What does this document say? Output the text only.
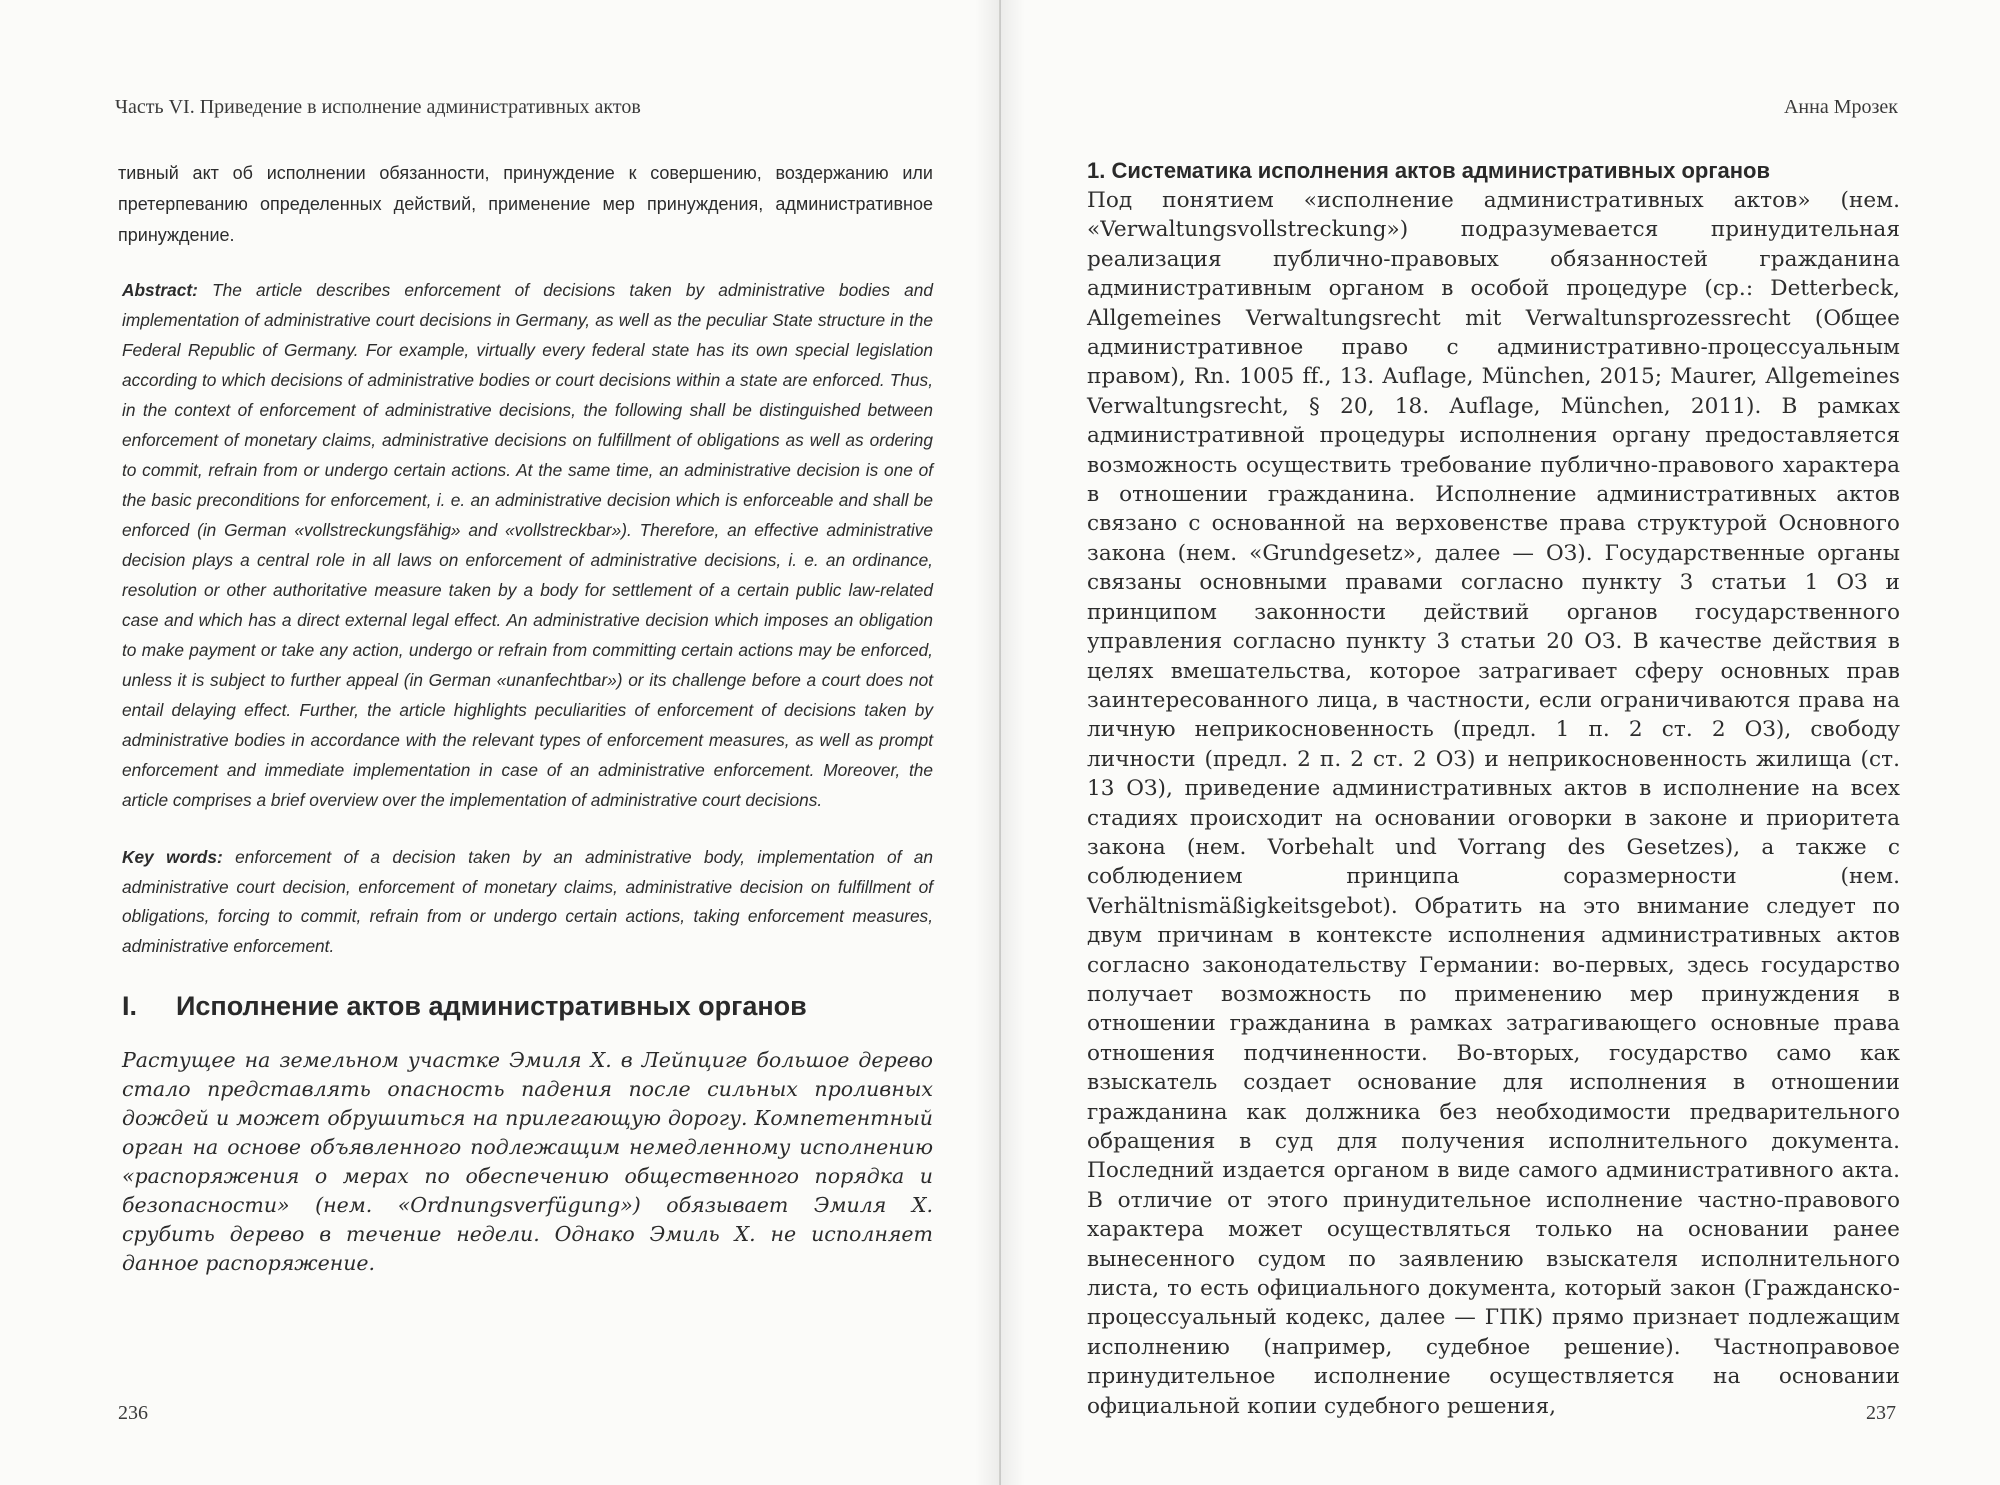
Часть VI. Приведение в исполнение административных актов

тивный акт об исполнении обязанности, принуждение к совершению, воздержанию или претерпеванию определенных действий, применение мер принуждения, административное принуждение.

Abstract: The article describes enforcement of decisions taken by administrative bodies and implementation of administrative court decisions in Germany, as well as the peculiar State structure in the Federal Republic of Germany. For example, virtually every federal state has its own special legislation according to which decisions of administrative bodies or court decisions within a state are enforced. Thus, in the context of enforcement of administrative decisions, the following shall be distinguished between enforcement of monetary claims, administrative decisions on fulfillment of obligations as well as ordering to commit, refrain from or undergo certain actions. At the same time, an administrative decision is one of the basic preconditions for enforcement, i. e. an administrative decision which is enforceable and shall be enforced (in German «vollstreckungsfähig» and «vollstreckbar»). Therefore, an effective administrative decision plays a central role in all laws on enforcement of administrative decisions, i. e. an ordinance, resolution or other authoritative measure taken by a body for settlement of a certain public law-related case and which has a direct external legal effect. An administrative decision which imposes an obligation to make payment or take any action, undergo or refrain from committing certain actions may be enforced, unless it is subject to further appeal (in German «unanfechtbar») or its challenge before a court does not entail delaying effect. Further, the article highlights peculiarities of enforcement of decisions taken by administrative bodies in accordance with the relevant types of enforcement measures, as well as prompt enforcement and immediate implementation in case of an administrative enforcement. Moreover, the article comprises a brief overview over the implementation of administrative court decisions.

Key words: enforcement of a decision taken by an administrative body, implementation of an administrative court decision, enforcement of monetary claims, administrative decision on fulfillment of obligations, forcing to commit, refrain from or undergo certain actions, taking enforcement measures, administrative enforcement.

I.	Исполнение актов административных органов

Растущее на земельном участке Эмиля Х. в Лейпциге большое дерево стало представлять опасность падения после сильных проливных дождей и может обрушиться на прилегающую дорогу. Компетентный орган на основе объявленного подлежащим немедленному исполнению «распоряжения о мерах по обеспечению общественного порядка и безопасности» (нем. «Ordnungsverfügung») обязывает Эмиля Х. срубить дерево в течение недели. Однако Эмиль Х. не исполняет данное распоряжение.

236
Анна Мрозек
1. Систематика исполнения актов административных органов

Под понятием «исполнение административных актов» (нем. «Verwaltungsvollstreckung») подразумевается принудительная реализация публично-правовых обязанностей гражданина административным органом в особой процедуре (ср.: Detterbeck, Allgemeines Verwaltungsrecht mit Verwaltunsprozessrecht (Общее административное право с административно-процессуальным правом), Rn. 1005 ff., 13. Auflage, München, 2015; Maurer, Allgemeines Verwaltungsrecht, § 20, 18. Auflage, München, 2011). В рамках административной процедуры исполнения органу предоставляется возможность осуществить требование публично-правового характера в отношении гражданина. Исполнение административных актов связано с основанной на верховенстве права структурой Основного закона (нем. «Grundgesetz», далее — ОЗ). Государственные органы связаны основными правами согласно пункту 3 статьи 1 ОЗ и принципом законности действий органов государственного управления согласно пункту 3 статьи 20 ОЗ. В качестве действия в целях вмешательства, которое затрагивает сферу основных прав заинтересованного лица, в частности, если ограничиваются права на личную неприкосновенность (предл. 1 п. 2 ст. 2 ОЗ), свободу личности (предл. 2 п. 2 ст. 2 ОЗ) и неприкосновенность жилища (ст. 13 ОЗ), приведение административных актов в исполнение на всех стадиях происходит на основании оговорки в законе и приоритета закона (нем. Vorbehalt und Vorrang des Gesetzes), а также с соблюдением принципа соразмерности (нем. Verhältnismäßigkeitsgebot). Обратить на это внимание следует по двум причинам в контексте исполнения административных актов согласно законодательству Германии: во-первых, здесь государство получает возможность по применению мер принуждения в отношении гражданина в рамках затрагивающего основные права отношения подчиненности. Во-вторых, государство само как взыскатель создает основание для исполнения в отношении гражданина как должника без необходимости предварительного обращения в суд для получения исполнительного документа. Последний издается органом в виде самого административного акта. В отличие от этого принудительное исполнение частно-правового характера может осуществляться только на основании ранее вынесенного судом по заявлению взыскателя исполнительного листа, то есть официального документа, который закон (Гражданско-процессуальный кодекс, далее — ГПК) прямо признает подлежащим исполнению (например, судебное решение). Частноправовое принудительное исполнение осуществляется на основании официальной копии судебного решения,	237
